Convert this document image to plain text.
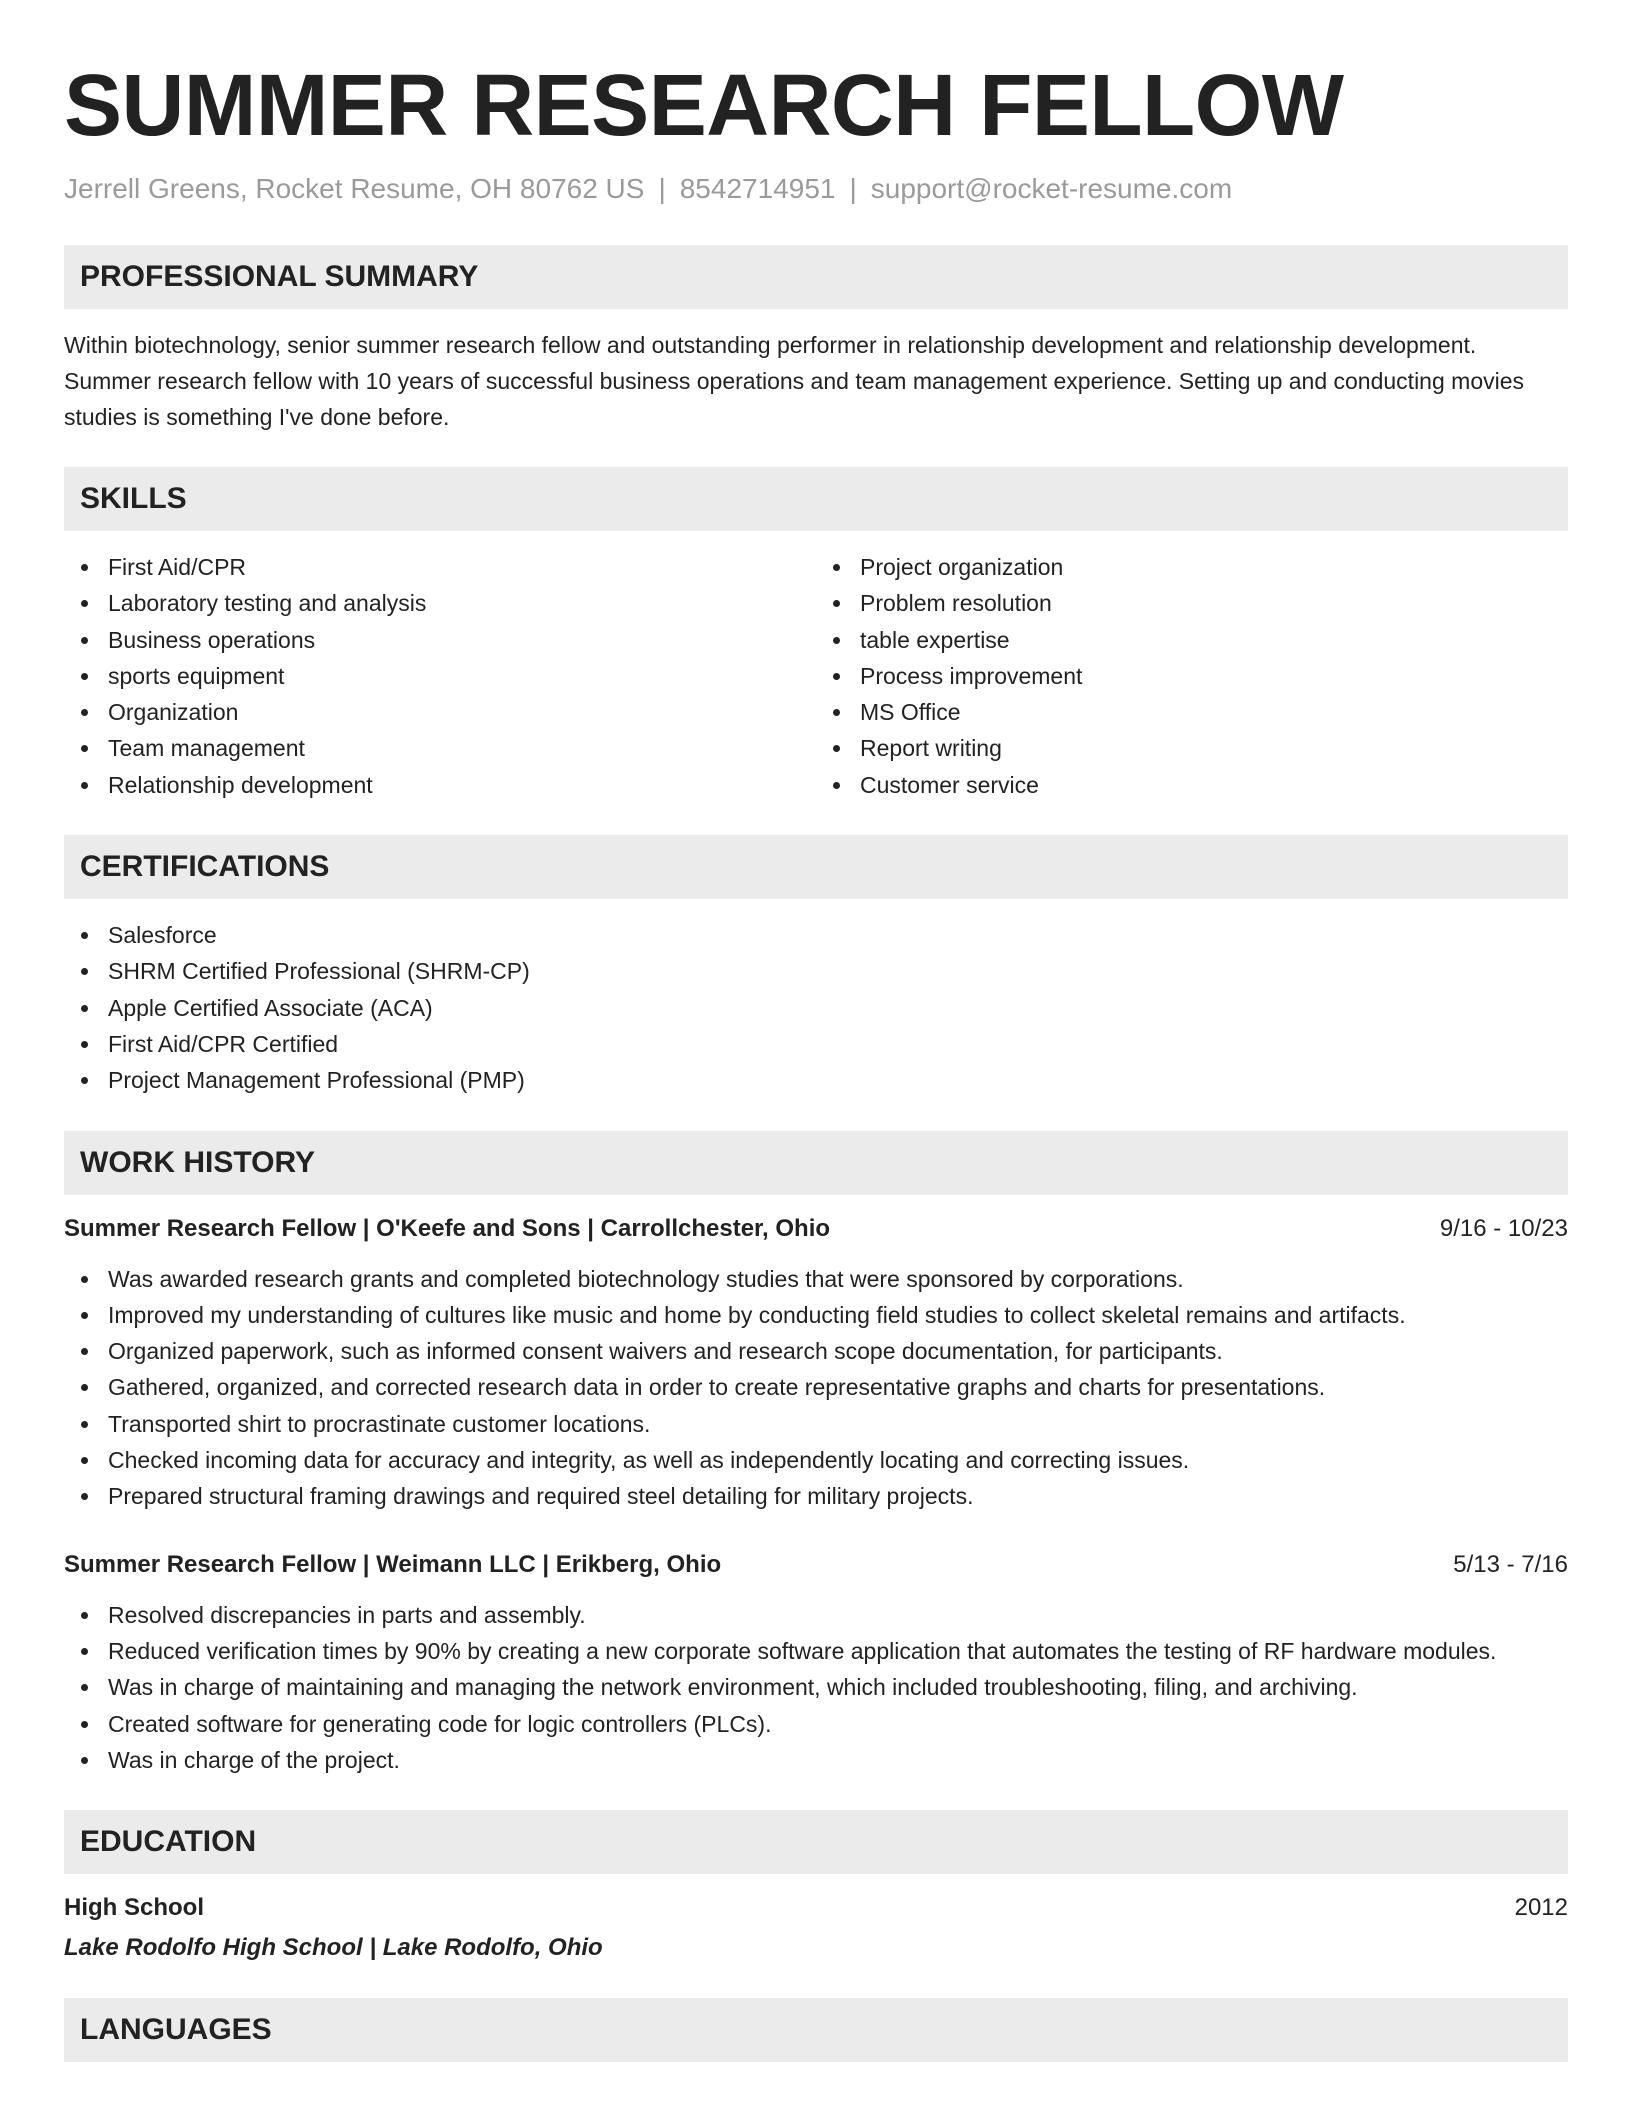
SUMMER RESEARCH FELLOW
Jerrell Greens, Rocket Resume, OH 80762 US | 8542714951 | support@rocket-resume.com
PROFESSIONAL SUMMARY

Within biotechnology, senior summer research fellow and outstanding performer in relationship development and relationship development. Summer research fellow with 10 years of successful business operations and team management experience. Setting up and conducting movies studies is something I've done before.

SKILLS
First Aid/CPR
Laboratory testing and analysis
Business operations
sports equipment
Organization
Team management
Relationship development
Project organization
Problem resolution
table expertise
Process improvement
MS Office
Report writing
Customer service
CERTIFICATIONS
Salesforce
SHRM Certified Professional (SHRM-CP)
Apple Certified Associate (ACA)
First Aid/CPR Certified
Project Management Professional (PMP)
WORK HISTORY
Summer Research Fellow | O'Keefe and Sons | Carrollchester, Ohio	9/16 - 10/23
Was awarded research grants and completed biotechnology studies that were sponsored by corporations.
Improved my understanding of cultures like music and home by conducting field studies to collect skeletal remains and artifacts.
Organized paperwork, such as informed consent waivers and research scope documentation, for participants.
Gathered, organized, and corrected research data in order to create representative graphs and charts for presentations.
Transported shirt to procrastinate customer locations.
Checked incoming data for accuracy and integrity, as well as independently locating and correcting issues.
Prepared structural framing drawings and required steel detailing for military projects.
Summer Research Fellow | Weimann LLC | Erikberg, Ohio	5/13 - 7/16
Resolved discrepancies in parts and assembly.
Reduced verification times by 90% by creating a new corporate software application that automates the testing of RF hardware modules.
Was in charge of maintaining and managing the network environment, which included troubleshooting, filing, and archiving.
Created software for generating code for logic controllers (PLCs).
Was in charge of the project.
EDUCATION
High School	2012
Lake Rodolfo High School | Lake Rodolfo, Ohio
LANGUAGES
